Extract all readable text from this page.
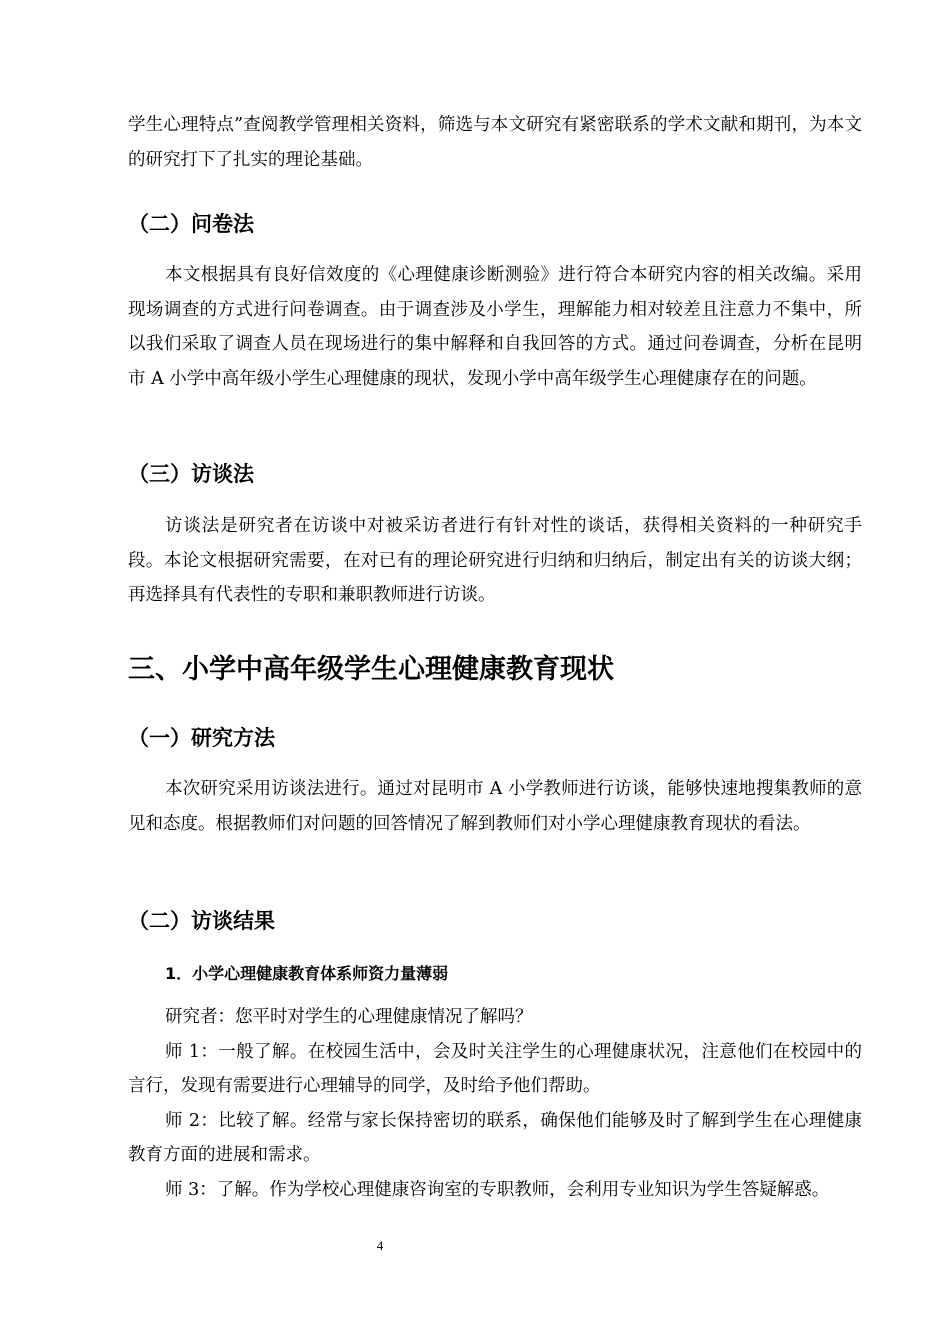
学生心理特点”查阅教学管理相关资料，筛选与本文研究有紧密联系的学术文献和期刊，为本文的研究打下了扎实的理论基础。

（二）问卷法

本文根据具有良好信效度的《心理健康诊断测验》进行符合本研究内容的相关改编。采用现场调查的方式进行问卷调查。由于调查涉及小学生，理解能力相对较差且注意力不集中，所以我们采取了调查人员在现场进行的集中解释和自我回答的方式。通过问卷调查，分析在昆明市 A 小学中高年级小学生心理健康的现状，发现小学中高年级学生心理健康存在的问题。

（三）访谈法

访谈法是研究者在访谈中对被采访者进行有针对性的谈话，获得相关资料的一种研究手段。本论文根据研究需要，在对已有的理论研究进行归纳和归纳后，制定出有关的访谈大纲；再选择具有代表性的专职和兼职教师进行访谈。

三、小学中高年级学生心理健康教育现状
（一）研究方法

本次研究采用访谈法进行。通过对昆明市 A 小学教师进行访谈，能够快速地搜集教师的意见和态度。根据教师们对问题的回答情况了解到教师们对小学心理健康教育现状的看法。

（二）访谈结果
1．小学心理健康教育体系师资力量薄弱

研究者：您平时对学生的心理健康情况了解吗？

师 1：一般了解。在校园生活中，会及时关注学生的心理健康状况，注意他们在校园中的言行，发现有需要进行心理辅导的同学，及时给予他们帮助。

师 2：比较了解。经常与家长保持密切的联系，确保他们能够及时了解到学生在心理健康教育方面的进展和需求。

师 3：了解。作为学校心理健康咨询室的专职教师，会利用专业知识为学生答疑解惑。

4
